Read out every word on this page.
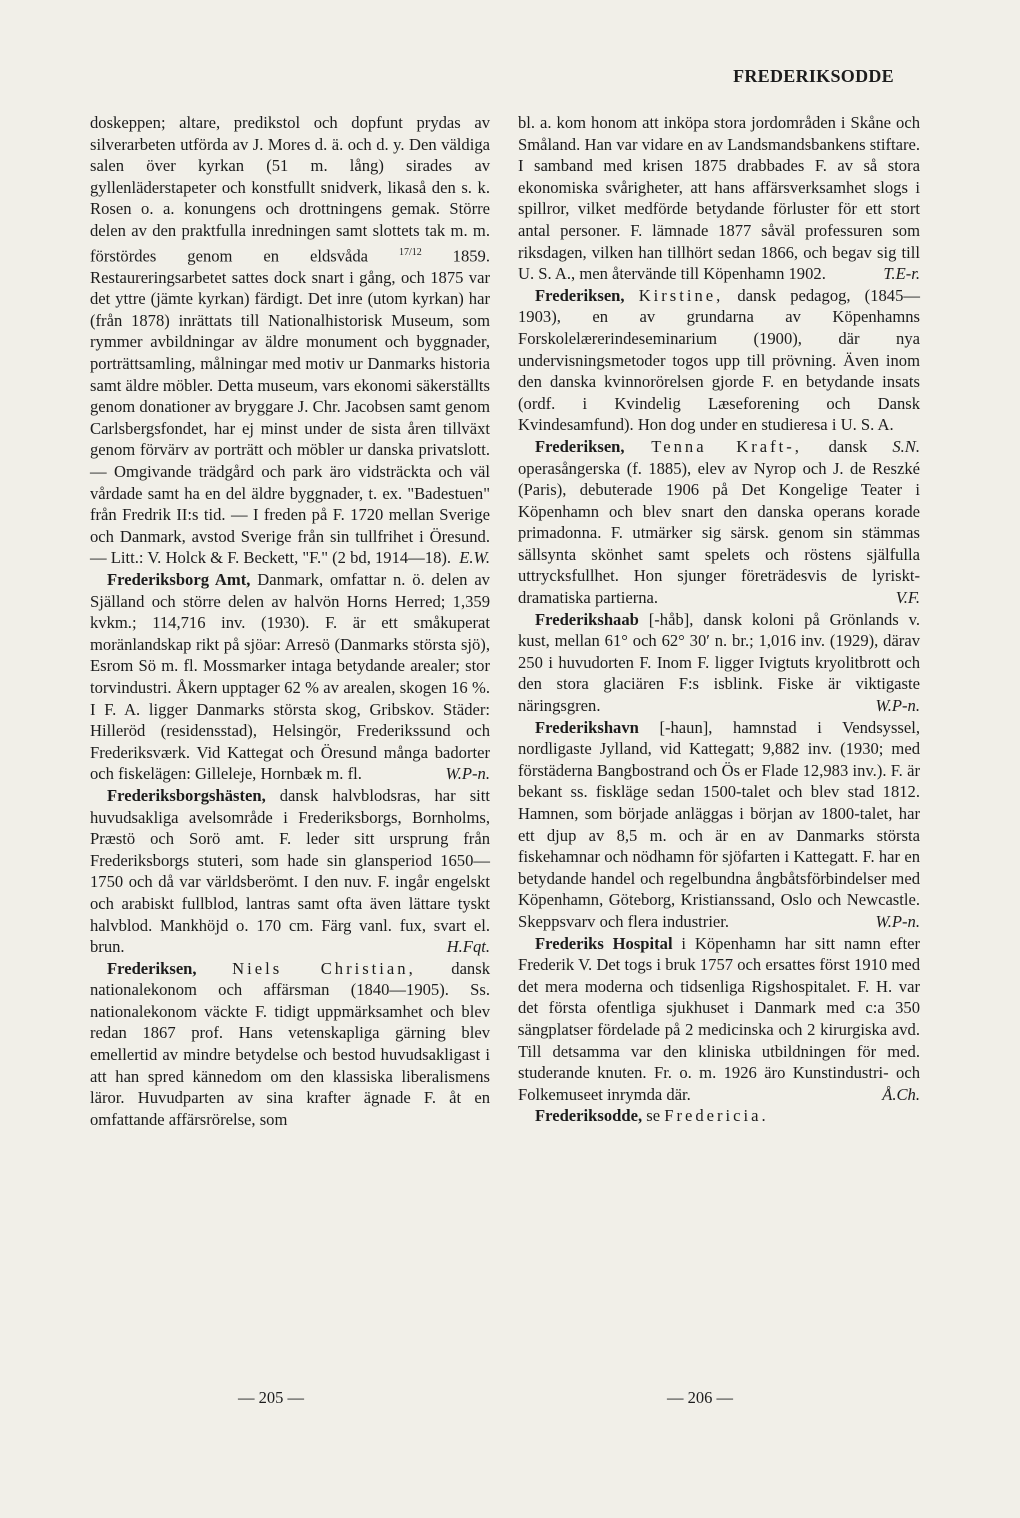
FREDERIKSODDE

doskeppen; altare, predikstol och dopfunt prydas av silverarbeten utförda av J. Mores d. ä. och d. y. Den väldiga salen över kyrkan (51 m. lång) sirades av gyllenläderstapeter och konstfullt snidverk, likaså den s. k. Rosen o. a. konungens och drottningens gemak. Större delen av den praktfulla inredningen samt slottets tak m. m. förstördes genom en eldsvåda $^{17/12}$ 1859. Restaureringsarbetet sattes dock snart i gång, och 1875 var det yttre (jämte kyrkan) färdigt. Det inre (utom kyrkan) har (från 1878) inrättats till Nationalhistorisk Museum, som rymmer avbildningar av äldre monument och byggnader, porträttsamling, målningar med motiv ur Danmarks historia samt äldre möbler. Detta museum, vars ekonomi säkerställts genom donationer av bryggare J. Chr. Jacobsen samt genom Carlsbergsfondet, har ej minst under de sista åren tillväxt genom förvärv av porträtt och möbler ur danska privatslott. — Omgivande trädgård och park äro vidsträckta och väl vårdade samt ha en del äldre byggnader, t. ex. "Badestuen" från Fredrik II:s tid. — I freden på F. 1720 mellan Sverige och Danmark, avstod Sverige från sin tullfrihet i Öresund. — Litt.: V. Holck & F. Beckett, "F." (2 bd, 1914—18). E.W.

Frederiksborg Amt, Danmark, omfattar n. ö. delen av Själland och större delen av halvön Horns Herred; 1,359 kvkm.; 114,716 inv. (1930). F. är ett småkuperat moränlandskap rikt på sjöar: Arresö (Danmarks största sjö), Esrom Sö m. fl. Mossmarker intaga betydande arealer; stor torvindustri. Åkern upptager 62 % av arealen, skogen 16 %. I F. A. ligger Danmarks största skog, Gribskov. Städer: Hilleröd (residensstad), Helsingör, Frederikssund och Frederiksværk. Vid Kattegat och Öresund många badorter och fiskelägen: Gilleleje, Hornbæk m. fl.	W.P-n.

Frederiksborgshästen, dansk halvblodsras, har sitt huvudsakliga avelsområde i Frederiksborgs, Bornholms, Præstö och Sorö amt. F. leder sitt ursprung från Frederiksborgs stuteri, som hade sin glansperiod 1650—1750 och då var världsberömt. I den nuv. F. ingår engelskt och arabiskt fullblod, lantras samt ofta även lättare tyskt halvblod. Mankhöjd o. 170 cm. Färg vanl. fux, svart el. brun.	H.Fqt.

Frederiksen, Niels Christian, dansk nationalekonom och affärsman (1840—1905). Ss. nationalekonom väckte F. tidigt uppmärksamhet och blev redan 1867 prof. Hans vetenskapliga gärning blev emellertid av mindre betydelse och bestod huvudsakligast i att han spred kännedom om den klassiska liberalismens läror. Huvudparten av sina krafter ägnade F. åt en omfattande affärsrörelse, som

bl. a. kom honom att inköpa stora jordområden i Skåne och Småland. Han var vidare en av Landsmandsbankens stiftare. I samband med krisen 1875 drabbades F. av så stora ekonomiska svårigheter, att hans affärsverksamhet slogs i spillror, vilket medförde betydande förluster för ett stort antal personer. F. lämnade 1877 såväl professuren som riksdagen, vilken han tillhört sedan 1866, och begav sig till U. S. A., men återvände till Köpenhamn 1902.	T.E-r.

Frederiksen, Kirstine, dansk pedagog, (1845—1903), en av grundarna av Köpenhamns Forskolelærerindeseminarium (1900), där nya undervisningsmetoder togos upp till prövning. Även inom den danska kvinnorörelsen gjorde F. en betydande insats (ordf. i Kvindelig Læseforening och Dansk Kvindesamfund). Hon dog under en studieresa i U. S. A.
S.N.

Frederiksen, Tenna Kraft-, dansk operasångerska (f. 1885), elev av Nyrop och J. de Reszké (Paris), debuterade 1906 på Det Kongelige Teater i Köpenhamn och blev snart den danska operans korade primadonna. F. utmärker sig särsk. genom sin stämmas sällsynta skönhet samt spelets och röstens själfulla uttrycksfullhet. Hon sjunger företrädesvis de lyriskt-dramatiska partierna.	V.F.

Frederikshaab [-håb], dansk koloni på Grönlands v. kust, mellan 61° och 62° 30′ n. br.; 1,016 inv. (1929), därav 250 i huvudorten F. Inom F. ligger Ivigtuts kryolitbrott och den stora glaciären F:s isblink. Fiske är viktigaste näringsgren.	W.P-n.

Frederikshavn [-haun], hamnstad i Vendsyssel, nordligaste Jylland, vid Kattegatt; 9,882 inv. (1930; med förstäderna Bangbostrand och Ös er Flade 12,983 inv.). F. är bekant ss. fiskläge sedan 1500-talet och blev stad 1812. Hamnen, som började anläggas i början av 1800-talet, har ett djup av 8,5 m. och är en av Danmarks största fiskehamnar och nödhamn för sjöfarten i Kattegatt. F. har en betydande handel och regelbundna ångbåtsförbindelser med Köpenhamn, Göteborg, Kristianssand, Oslo och Newcastle. Skeppsvarv och flera industrier.	W.P-n.

Frederiks Hospital i Köpenhamn har sitt namn efter Frederik V. Det togs i bruk 1757 och ersattes först 1910 med det mera moderna och tidsenliga Rigshospitalet. F. H. var det första ofentliga sjukhuset i Danmark med c:a 350 sängplatser fördelade på 2 medicinska och 2 kirurgiska avd. Till detsamma var den kliniska utbildningen för med. studerande knuten. Fr. o. m. 1926 äro Kunstindustri- och Folkemuseet inrymda där.	Å.Ch.

Frederiksodde, se Fredericia.

— 205 —	— 206 —
